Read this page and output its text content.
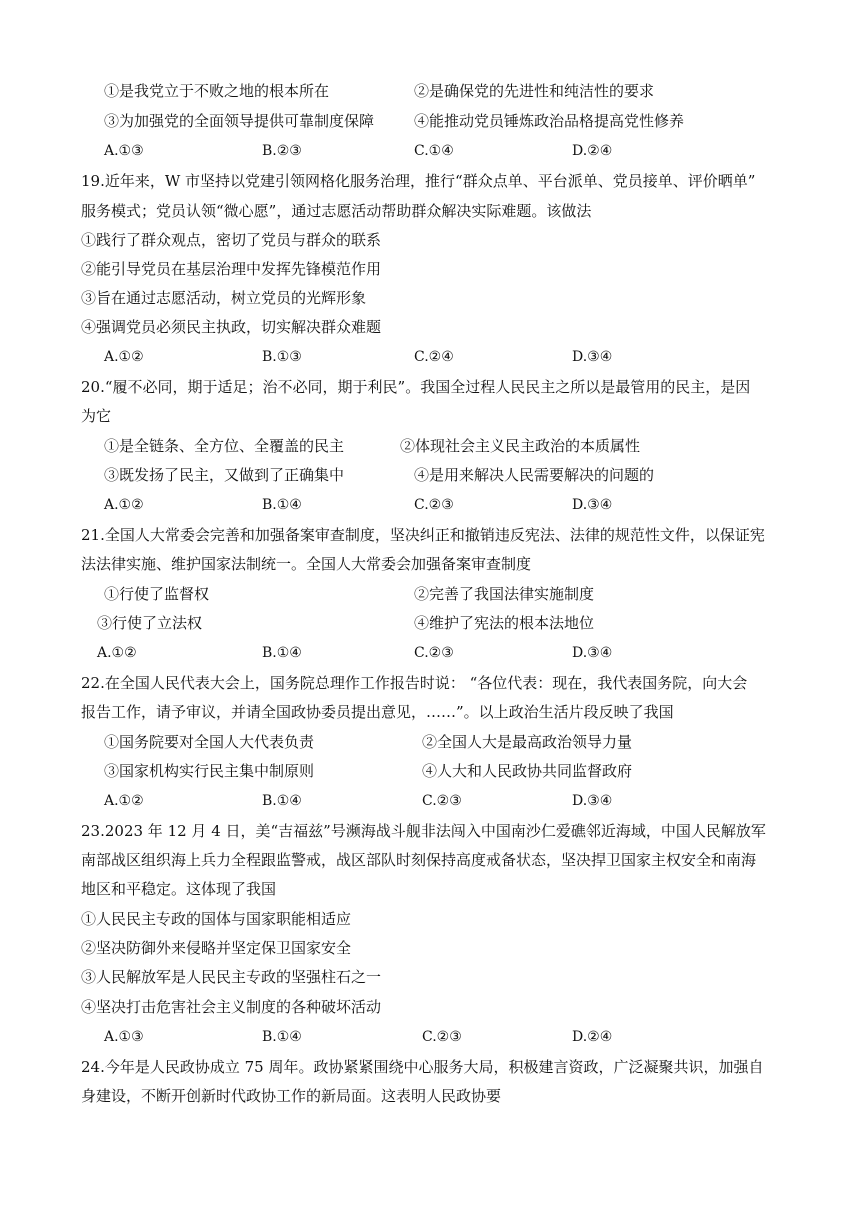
①是我党立于不败之地的根本所在	②是确保党的先进性和纯洁性的要求
③为加强党的全面领导提供可靠制度保障	④能推动党员锤炼政治品格提高党性修养
A.①③	B.②③	C.①④	D.②④
19.近年来，W 市坚持以党建引领网格化服务治理，推行“群众点单、平台派单、党员接单、评价晒单”
服务模式；党员认领“微心愿”，通过志愿活动帮助群众解决实际难题。该做法
①践行了群众观点，密切了党员与群众的联系
②能引导党员在基层治理中发挥先锋模范作用
③旨在通过志愿活动，树立党员的光辉形象
④强调党员必须民主执政，切实解决群众难题
A.①②	B.①③	C.②④	D.③④
20.“履不必同，期于适足；治不必同，期于利民”。我国全过程人民民主之所以是最管用的民主，是因
为它
①是全链条、全方位、全覆盖的民主	②体现社会主义民主政治的本质属性
③既发扬了民主，又做到了正确集中	④是用来解决人民需要解决的问题的
A.①②	B.①④	C.②③	D.③④
21.全国人大常委会完善和加强备案审查制度，坚决纠正和撤销违反宪法、法律的规范性文件，以保证宪
法法律实施、维护国家法制统一。全国人大常委会加强备案审查制度
①行使了监督权	②完善了我国法律实施制度
③行使了立法权	④维护了宪法的根本法地位
A.①②	B.①④	C.②③	D.③④
22.在全国人民代表大会上，国务院总理作工作报告时说： “各位代表：现在，我代表国务院，向大会
报告工作，请予审议，并请全国政协委员提出意见，……”。以上政治生活片段反映了我国
①国务院要对全国人大代表负责	②全国人大是最高政治领导力量
③国家机构实行民主集中制原则	④人大和人民政协共同监督政府
A.①②	B.①④	C.②③	D.③④
23.2023 年 12 月 4 日，美“吉福兹”号濒海战斗舰非法闯入中国南沙仁爱礁邻近海域，中国人民解放军
南部战区组织海上兵力全程跟监警戒，战区部队时刻保持高度戒备状态，坚决捍卫国家主权安全和南海
地区和平稳定。这体现了我国
①人民民主专政的国体与国家职能相适应
②坚决防御外来侵略并坚定保卫国家安全
③人民解放军是人民民主专政的坚强柱石之一
④坚决打击危害社会主义制度的各种破坏活动
A.①③	B.①④	C.②③	D.②④
24.今年是人民政协成立 75 周年。政协紧紧围绕中心服务大局，积极建言资政，广泛凝聚共识，加强自
身建设，不断开创新时代政协工作的新局面。这表明人民政协要
